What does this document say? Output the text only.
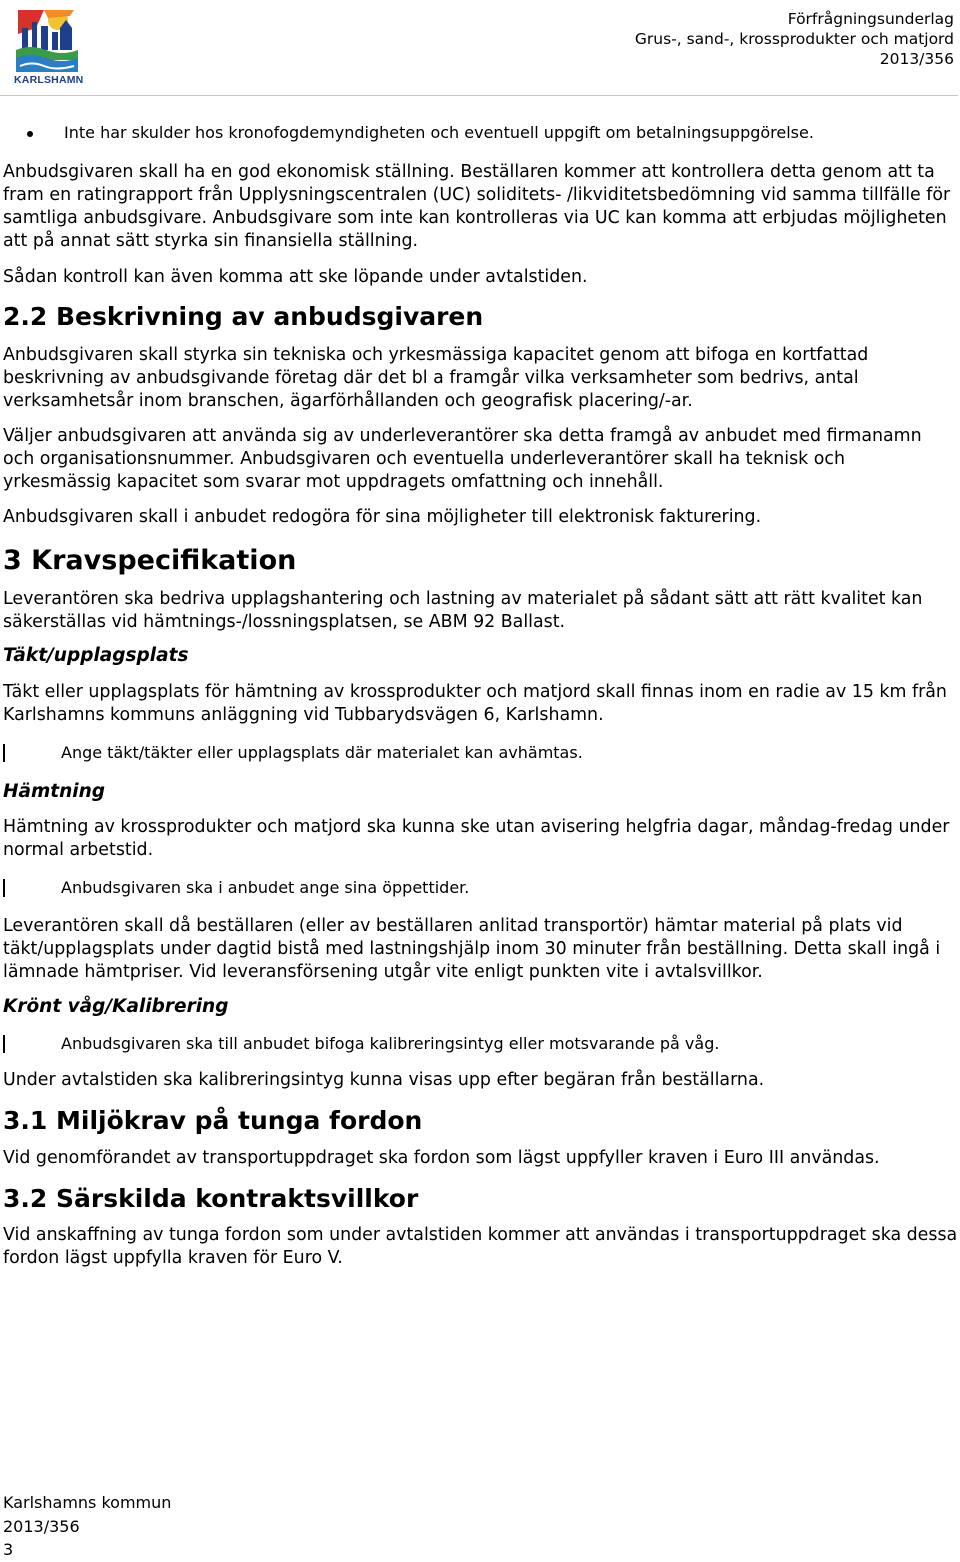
KARLSHAMN
Förfrågningsunderlag
Grus-, sand-, krossprodukter och matjord
2013/356
Inte har skulder hos kronofogdemyndigheten och eventuell uppgift om betalningsuppgörelse.

Anbudsgivaren skall ha en god ekonomisk ställning. Beställaren kommer att kontrollera detta genom att ta fram en ratingrapport från Upplysningscentralen (UC) soliditets- /likviditetsbedömning vid samma tillfälle för samtliga anbudsgivare. Anbudsgivare som inte kan kontrolleras via UC kan komma att erbjudas möjligheten att på annat sätt styrka sin finansiella ställning.

Sådan kontroll kan även komma att ske löpande under avtalstiden.

2.2 Beskrivning av anbudsgivaren

Anbudsgivaren skall styrka sin tekniska och yrkesmässiga kapacitet genom att bifoga en kortfattad beskrivning av anbudsgivande företag där det bl a framgår vilka verksamheter som bedrivs, antal verksamhetsår inom branschen, ägarförhållanden och geografisk placering/-ar.

Väljer anbudsgivaren att använda sig av underleverantörer ska detta framgå av anbudet med firmanamn och organisationsnummer. Anbudsgivaren och eventuella underleverantörer skall ha teknisk och yrkesmässig kapacitet som svarar mot uppdragets omfattning och innehåll.

Anbudsgivaren skall i anbudet redogöra för sina möjligheter till elektronisk fakturering.

3 Kravspecifikation

Leverantören ska bedriva upplagshantering och lastning av materialet på sådant sätt att rätt kvalitet kan säkerställas vid hämtnings-/lossningsplatsen, se ABM 92 Ballast.

Täkt/upplagsplats

Täkt eller upplagsplats för hämtning av krossprodukter och matjord skall finnas inom en radie av 15 km från Karlshamns kommuns anläggning vid Tubbarydsvägen 6, Karlshamn.

Ange täkt/täkter eller upplagsplats där materialet kan avhämtas.
Hämtning

Hämtning av krossprodukter och matjord ska kunna ske utan avisering helgfria dagar, måndag-fredag under normal arbetstid.

Anbudsgivaren ska i anbudet ange sina öppettider.

Leverantören skall då beställaren (eller av beställaren anlitad transportör) hämtar material på plats vid täkt/upplagsplats under dagtid bistå med lastningshjälp inom 30 minuter från beställning. Detta skall ingå i lämnade hämtpriser. Vid leveransförsening utgår vite enligt punkten vite i avtalsvillkor.

Krönt våg/Kalibrering
Anbudsgivaren ska till anbudet bifoga kalibreringsintyg eller motsvarande på våg.

Under avtalstiden ska kalibreringsintyg kunna visas upp efter begäran från beställarna.

3.1 Miljökrav på tunga fordon

Vid genomförandet av transportuppdraget ska fordon som lägst uppfyller kraven i Euro III användas.

3.2 Särskilda kontraktsvillkor

Vid anskaffning av tunga fordon som under avtalstiden kommer att användas i transportuppdraget ska dessa fordon lägst uppfylla kraven för Euro V.

Karlshamns kommun
2013/356
3
